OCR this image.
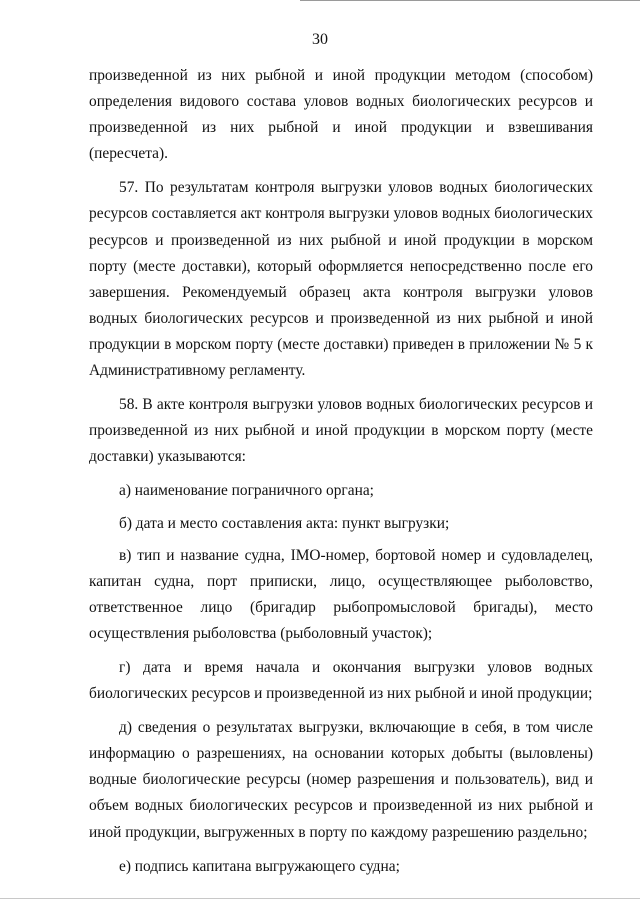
30

произведенной из них рыбной и иной продукции методом (способом) определения видового состава уловов водных биологических ресурсов и произведенной из них рыбной и иной продукции и взвешивания (пересчета).

57. По результатам контроля выгрузки уловов водных биологических ресурсов составляется акт контроля выгрузки уловов водных биологических ресурсов и произведенной из них рыбной и иной продукции в морском порту (месте доставки), который оформляется непосредственно после его завершения. Рекомендуемый образец акта контроля выгрузки уловов водных биологических ресурсов и произведенной из них рыбной и иной продукции в морском порту (месте доставки) приведен в приложении № 5 к Административному регламенту.

58. В акте контроля выгрузки уловов водных биологических ресурсов и произведенной из них рыбной и иной продукции в морском порту (месте доставки) указываются:

а) наименование пограничного органа;

б) дата и место составления акта: пункт выгрузки;

в) тип и название судна, IMO-номер, бортовой номер и судовладелец, капитан судна, порт приписки, лицо, осуществляющее рыболовство, ответственное лицо (бригадир рыбопромысловой бригады), место осуществления рыболовства (рыболовный участок);

г) дата и время начала и окончания выгрузки уловов водных биологических ресурсов и произведенной из них рыбной и иной продукции;

д) сведения о результатах выгрузки, включающие в себя, в том числе информацию о разрешениях, на основании которых добыты (выловлены) водные биологические ресурсы (номер разрешения и пользователь), вид и объем водных биологических ресурсов и произведенной из них рыбной и иной продукции, выгруженных в порту по каждому разрешению раздельно;

е) подпись капитана выгружающего судна;
